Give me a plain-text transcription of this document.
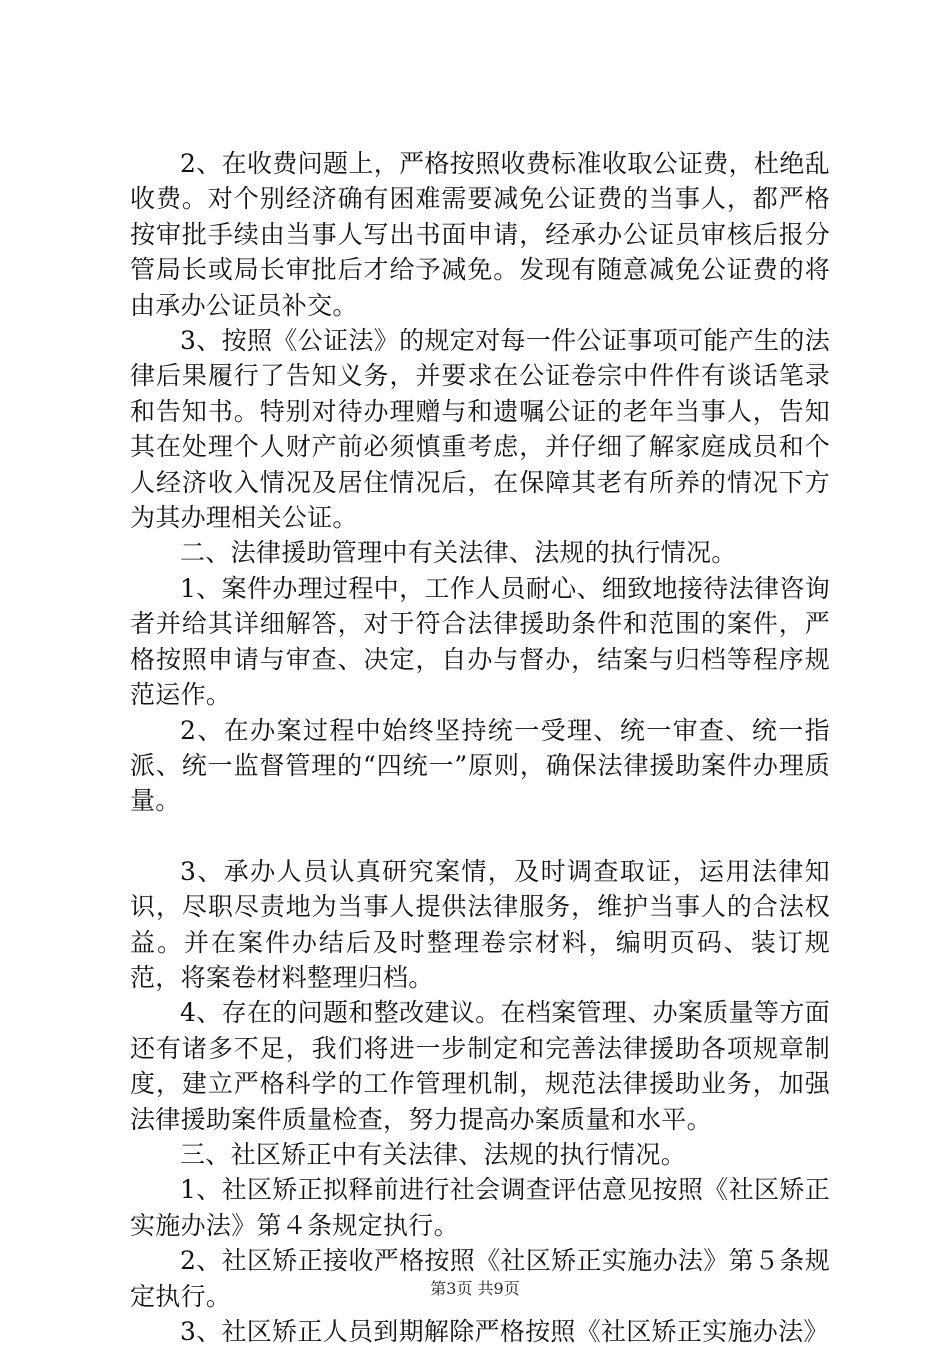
2、在收费问题上，严格按照收费标准收取公证费，杜绝乱收费。对个别经济确有困难需要减免公证费的当事人，都严格按审批手续由当事人写出书面申请，经承办公证员审核后报分管局长或局长审批后才给予减免。发现有随意减免公证费的将由承办公证员补交。

3、按照《公证法》的规定对每一件公证事项可能产生的法律后果履行了告知义务，并要求在公证卷宗中件件有谈话笔录和告知书。特别对待办理赠与和遗嘱公证的老年当事人，告知其在处理个人财产前必须慎重考虑，并仔细了解家庭成员和个人经济收入情况及居住情况后，在保障其老有所养的情况下方为其办理相关公证。

二、法律援助管理中有关法律、法规的执行情况。

1、案件办理过程中，工作人员耐心、细致地接待法律咨询者并给其详细解答，对于符合法律援助条件和范围的案件，严格按照申请与审查、决定，自办与督办，结案与归档等程序规范运作。

2、在办案过程中始终坚持统一受理、统一审查、统一指派、统一监督管理的“四统一”原则，确保法律援助案件办理质量。

3、承办人员认真研究案情，及时调查取证，运用法律知识，尽职尽责地为当事人提供法律服务，维护当事人的合法权益。并在案件办结后及时整理卷宗材料，编明页码、装订规范，将案卷材料整理归档。

4、存在的问题和整改建议。在档案管理、办案质量等方面还有诸多不足，我们将进一步制定和完善法律援助各项规章制度，建立严格科学的工作管理机制，规范法律援助业务，加强法律援助案件质量检查，努力提高办案质量和水平。

三、社区矫正中有关法律、法规的执行情况。

1、社区矫正拟释前进行社会调查评估意见按照《社区矫正实施办法》第４条规定执行。

2、社区矫正接收严格按照《社区矫正实施办法》第５条规定执行。

3、社区矫正人员到期解除严格按照《社区矫正实施办法》

第3页 共9页
